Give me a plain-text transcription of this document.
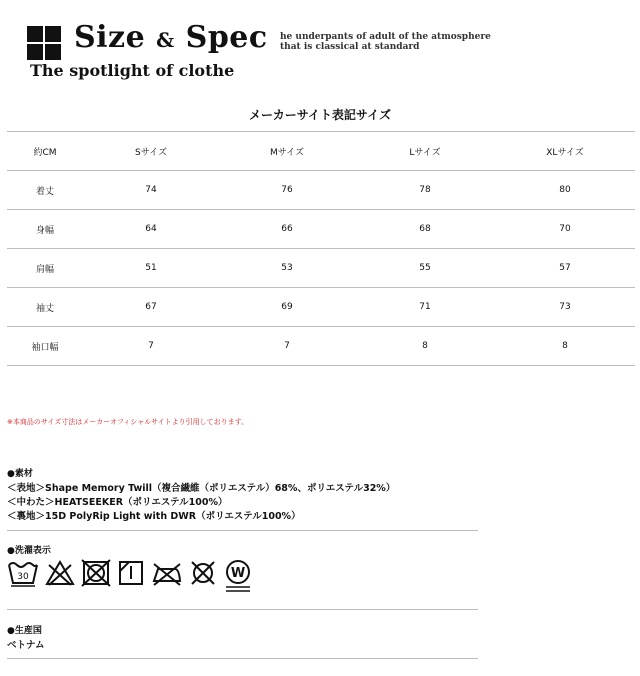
Size & Spec
The spotlight of clothe
he underpants of adult of the atmosphere
that is classical at standard
メーカーサイト表記サイズ
約CM	Sサイズ	Mサイズ	Lサイズ	XLサイズ
着丈	74	76	78	80
身幅	64	66	68	70
肩幅	51	53	55	57
袖丈	67	69	71	73
袖口幅	7	7	8	8
※本商品のサイズ寸法はメーカーオフィシャルサイトより引用しております。
●素材
＜表地＞Shape Memory Twill（複合繊維（ポリエステル）68%、ポリエステル32%）
＜中わた＞HEATSEEKER（ポリエステル100%）
＜裏地＞15D PolyRip Light with DWR（ポリエステル100%）
●洗濯表示
30	W
●生産国
ベトナム
